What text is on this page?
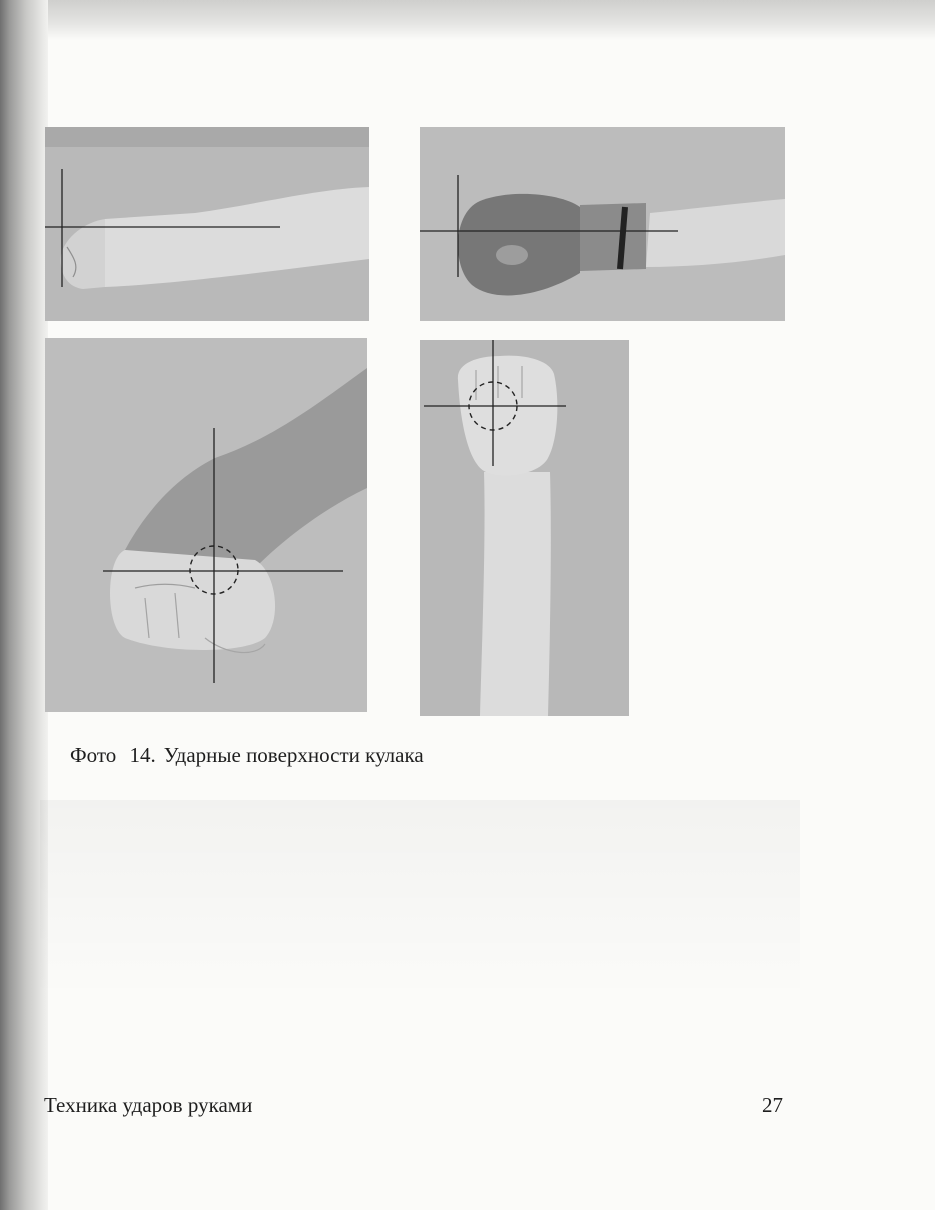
Фото 14. Ударные поверхности кулака
Техника ударов руками	27
